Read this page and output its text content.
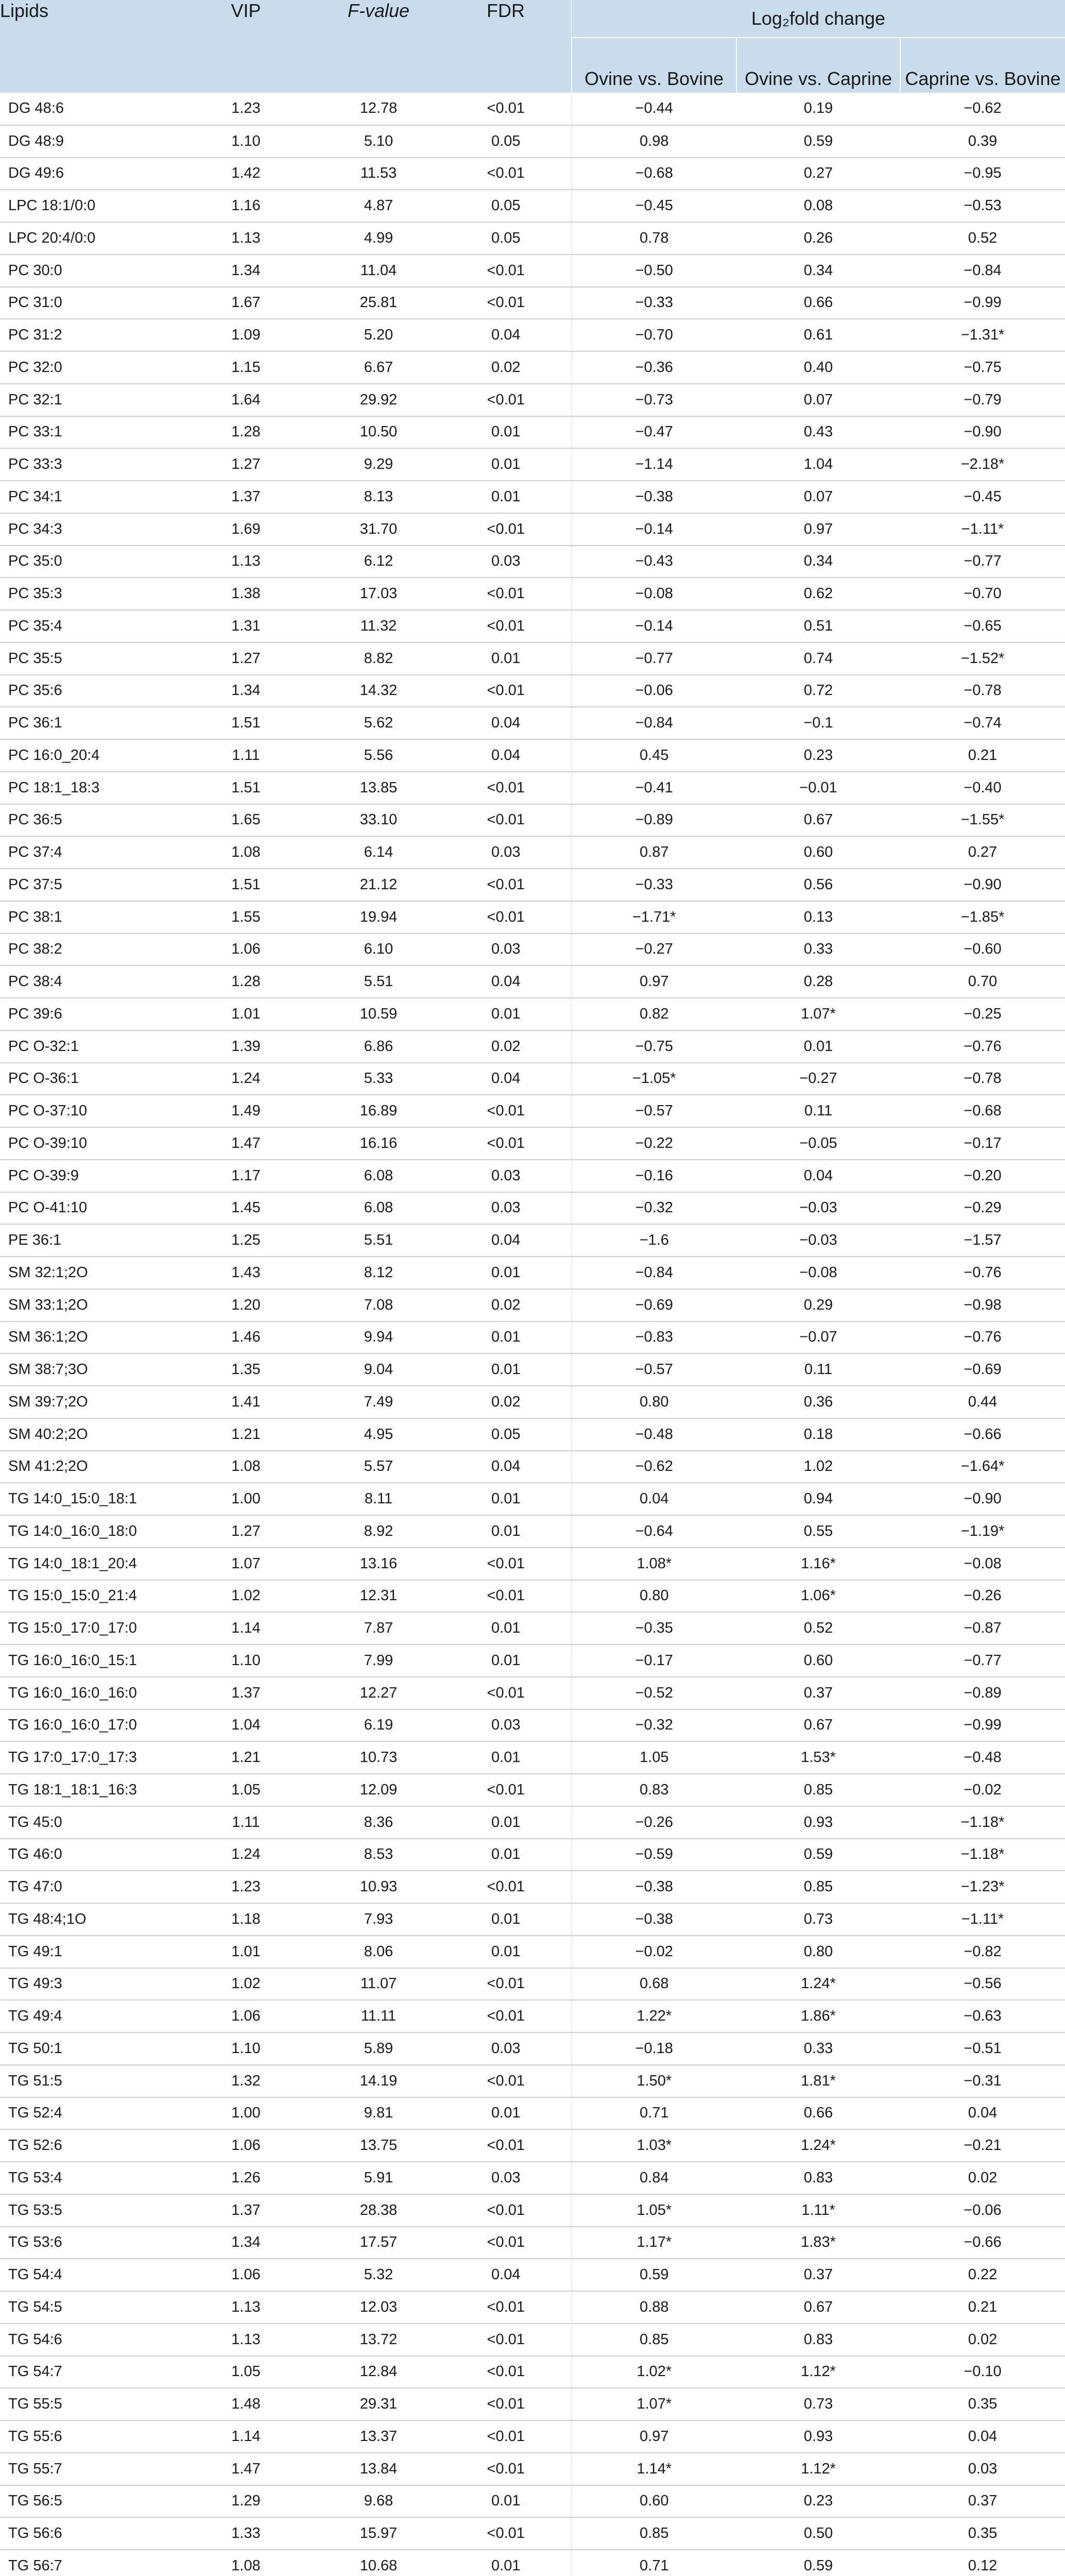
Lipids	VIP	F-value	FDR	Log₂fold change		
				Ovine vs. Bovine	Ovine vs. Caprine	Caprine vs. Bovine
DG 48:6	1.23	12.78	<0.01	−0.44	0.19	−0.62
DG 48:9	1.10	5.10	0.05	0.98	0.59	0.39
DG 49:6	1.42	11.53	<0.01	−0.68	0.27	−0.95
LPC 18:1/0:0	1.16	4.87	0.05	−0.45	0.08	−0.53
LPC 20:4/0:0	1.13	4.99	0.05	0.78	0.26	0.52
PC 30:0	1.34	11.04	<0.01	−0.50	0.34	−0.84
PC 31:0	1.67	25.81	<0.01	−0.33	0.66	−0.99
PC 31:2	1.09	5.20	0.04	−0.70	0.61	−1.31*
PC 32:0	1.15	6.67	0.02	−0.36	0.40	−0.75
PC 32:1	1.64	29.92	<0.01	−0.73	0.07	−0.79
PC 33:1	1.28	10.50	0.01	−0.47	0.43	−0.90
PC 33:3	1.27	9.29	0.01	−1.14	1.04	−2.18*
PC 34:1	1.37	8.13	0.01	−0.38	0.07	−0.45
PC 34:3	1.69	31.70	<0.01	−0.14	0.97	−1.11*
PC 35:0	1.13	6.12	0.03	−0.43	0.34	−0.77
PC 35:3	1.38	17.03	<0.01	−0.08	0.62	−0.70
PC 35:4	1.31	11.32	<0.01	−0.14	0.51	−0.65
PC 35:5	1.27	8.82	0.01	−0.77	0.74	−1.52*
PC 35:6	1.34	14.32	<0.01	−0.06	0.72	−0.78
PC 36:1	1.51	5.62	0.04	−0.84	−0.1	−0.74
PC 16:0_20:4	1.11	5.56	0.04	0.45	0.23	0.21
PC 18:1_18:3	1.51	13.85	<0.01	−0.41	−0.01	−0.40
PC 36:5	1.65	33.10	<0.01	−0.89	0.67	−1.55*
PC 37:4	1.08	6.14	0.03	0.87	0.60	0.27
PC 37:5	1.51	21.12	<0.01	−0.33	0.56	−0.90
PC 38:1	1.55	19.94	<0.01	−1.71*	0.13	−1.85*
PC 38:2	1.06	6.10	0.03	−0.27	0.33	−0.60
PC 38:4	1.28	5.51	0.04	0.97	0.28	0.70
PC 39:6	1.01	10.59	0.01	0.82	1.07*	−0.25
PC O-32:1	1.39	6.86	0.02	−0.75	0.01	−0.76
PC O-36:1	1.24	5.33	0.04	−1.05*	−0.27	−0.78
PC O-37:10	1.49	16.89	<0.01	−0.57	0.11	−0.68
PC O-39:10	1.47	16.16	<0.01	−0.22	−0.05	−0.17
PC O-39:9	1.17	6.08	0.03	−0.16	0.04	−0.20
PC O-41:10	1.45	6.08	0.03	−0.32	−0.03	−0.29
PE 36:1	1.25	5.51	0.04	−1.6	−0.03	−1.57
SM 32:1;2O	1.43	8.12	0.01	−0.84	−0.08	−0.76
SM 33:1;2O	1.20	7.08	0.02	−0.69	0.29	−0.98
SM 36:1;2O	1.46	9.94	0.01	−0.83	−0.07	−0.76
SM 38:7;3O	1.35	9.04	0.01	−0.57	0.11	−0.69
SM 39:7;2O	1.41	7.49	0.02	0.80	0.36	0.44
SM 40:2;2O	1.21	4.95	0.05	−0.48	0.18	−0.66
SM 41:2;2O	1.08	5.57	0.04	−0.62	1.02	−1.64*
TG 14:0_15:0_18:1	1.00	8.11	0.01	0.04	0.94	−0.90
TG 14:0_16:0_18:0	1.27	8.92	0.01	−0.64	0.55	−1.19*
TG 14:0_18:1_20:4	1.07	13.16	<0.01	1.08*	1.16*	−0.08
TG 15:0_15:0_21:4	1.02	12.31	<0.01	0.80	1.06*	−0.26
TG 15:0_17:0_17:0	1.14	7.87	0.01	−0.35	0.52	−0.87
TG 16:0_16:0_15:1	1.10	7.99	0.01	−0.17	0.60	−0.77
TG 16:0_16:0_16:0	1.37	12.27	<0.01	−0.52	0.37	−0.89
TG 16:0_16:0_17:0	1.04	6.19	0.03	−0.32	0.67	−0.99
TG 17:0_17:0_17:3	1.21	10.73	0.01	1.05	1.53*	−0.48
TG 18:1_18:1_16:3	1.05	12.09	<0.01	0.83	0.85	−0.02
TG 45:0	1.11	8.36	0.01	−0.26	0.93	−1.18*
TG 46:0	1.24	8.53	0.01	−0.59	0.59	−1.18*
TG 47:0	1.23	10.93	<0.01	−0.38	0.85	−1.23*
TG 48:4;1O	1.18	7.93	0.01	−0.38	0.73	−1.11*
TG 49:1	1.01	8.06	0.01	−0.02	0.80	−0.82
TG 49:3	1.02	11.07	<0.01	0.68	1.24*	−0.56
TG 49:4	1.06	11.11	<0.01	1.22*	1.86*	−0.63
TG 50:1	1.10	5.89	0.03	−0.18	0.33	−0.51
TG 51:5	1.32	14.19	<0.01	1.50*	1.81*	−0.31
TG 52:4	1.00	9.81	0.01	0.71	0.66	0.04
TG 52:6	1.06	13.75	<0.01	1.03*	1.24*	−0.21
TG 53:4	1.26	5.91	0.03	0.84	0.83	0.02
TG 53:5	1.37	28.38	<0.01	1.05*	1.11*	−0.06
TG 53:6	1.34	17.57	<0.01	1.17*	1.83*	−0.66
TG 54:4	1.06	5.32	0.04	0.59	0.37	0.22
TG 54:5	1.13	12.03	<0.01	0.88	0.67	0.21
TG 54:6	1.13	13.72	<0.01	0.85	0.83	0.02
TG 54:7	1.05	12.84	<0.01	1.02*	1.12*	−0.10
TG 55:5	1.48	29.31	<0.01	1.07*	0.73	0.35
TG 55:6	1.14	13.37	<0.01	0.97	0.93	0.04
TG 55:7	1.47	13.84	<0.01	1.14*	1.12*	0.03
TG 56:5	1.29	9.68	0.01	0.60	0.23	0.37
TG 56:6	1.33	15.97	<0.01	0.85	0.50	0.35
TG 56:7	1.08	10.68	0.01	0.71	0.59	0.12
